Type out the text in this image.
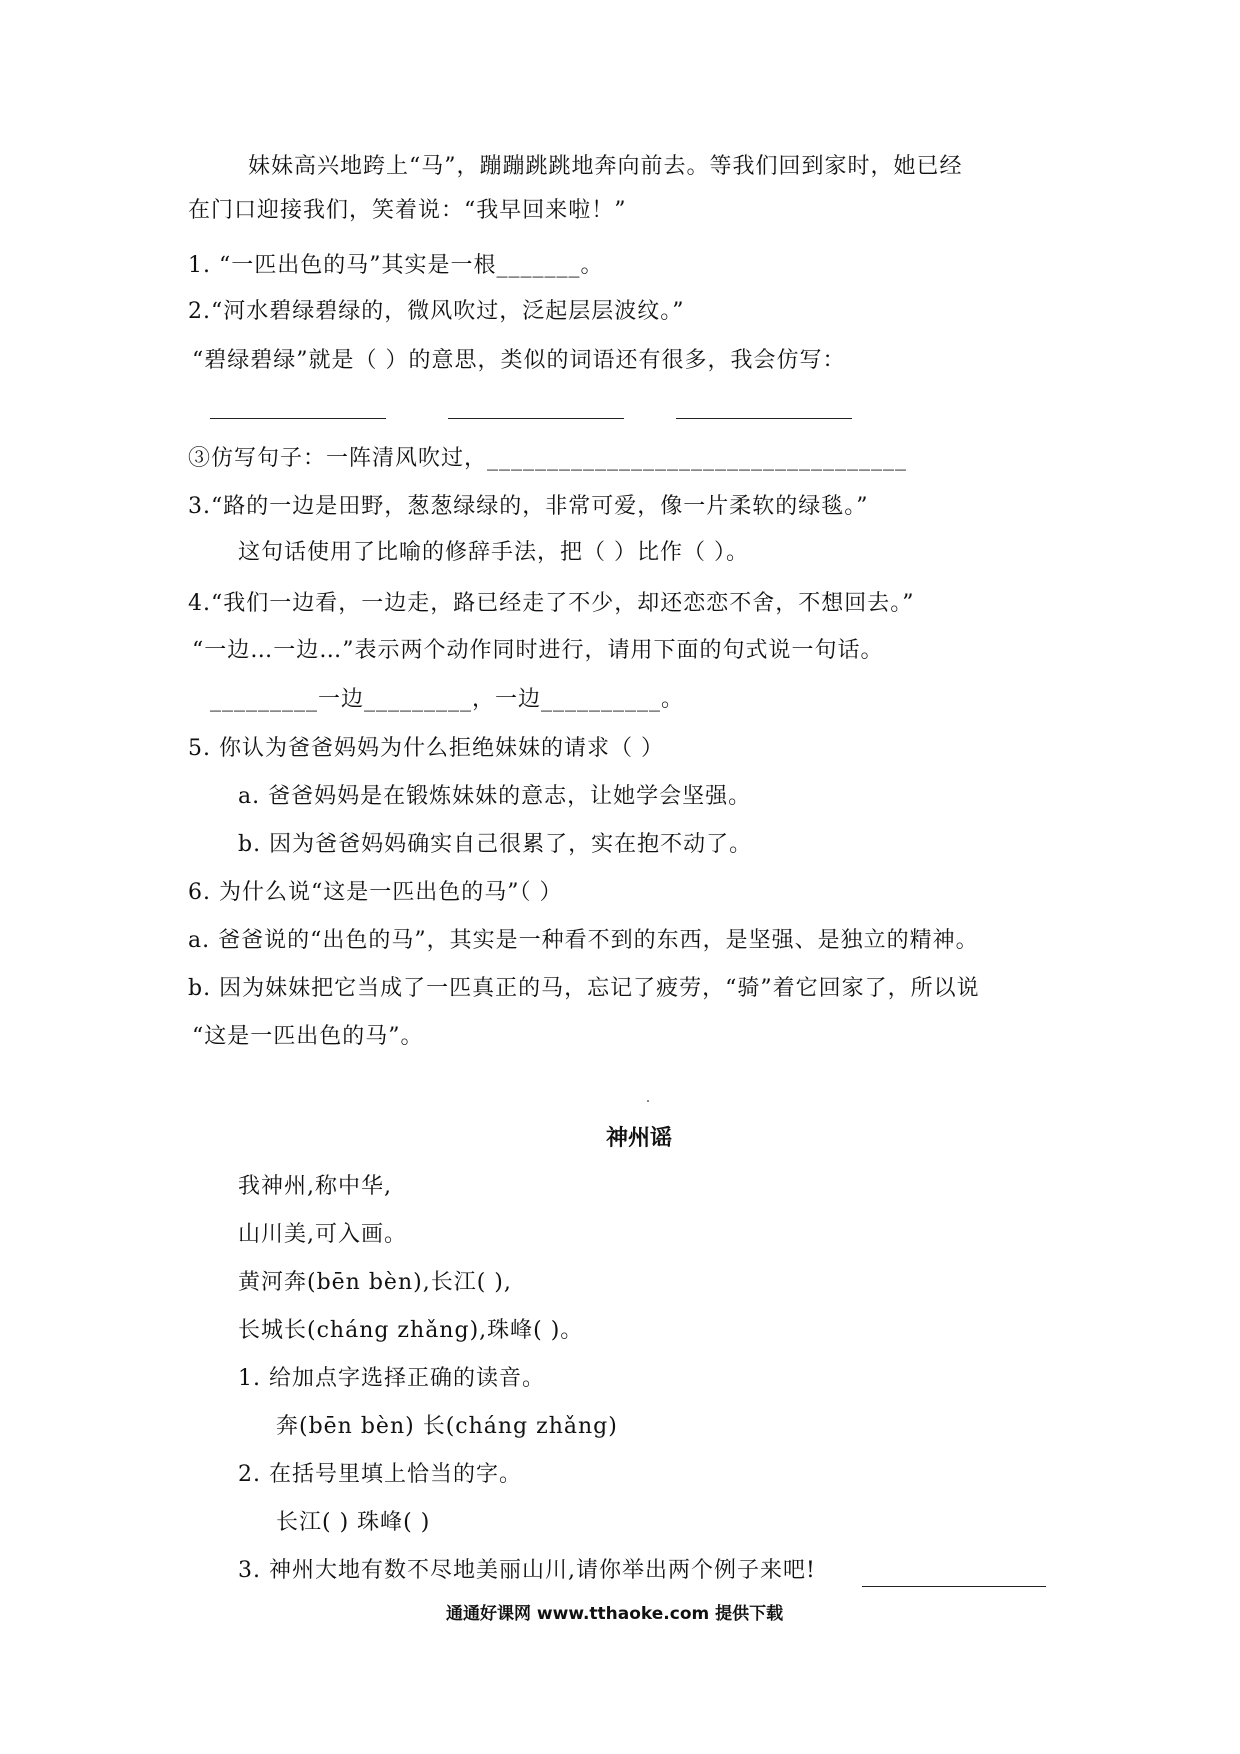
妹妹高兴地跨上“马”，蹦蹦跳跳地奔向前去。等我们回到家时，她已经
在门口迎接我们，笑着说：“我早回来啦！”
1. “一匹出色的马”其实是一根_______。
2.“河水碧绿碧绿的，微风吹过，泛起层层波纹。”
“碧绿碧绿”就是（ ）的意思，类似的词语还有很多，我会仿写：
③仿写句子：一阵清风吹过，___________________________________
3.“路的一边是田野，葱葱绿绿的，非常可爱，像一片柔软的绿毯。”
这句话使用了比喻的修辞手法，把（ ）比作（ ）。
4.“我们一边看，一边走，路已经走了不少，却还恋恋不舍，不想回去。”
“一边…一边…”表示两个动作同时进行，请用下面的句式说一句话。
_________一边_________，一边__________。
5. 你认为爸爸妈妈为什么拒绝妹妹的请求（ ）
a. 爸爸妈妈是在锻炼妹妹的意志，让她学会坚强。
b. 因为爸爸妈妈确实自己很累了，实在抱不动了。
6. 为什么说“这是一匹出色的马”（ ）
a. 爸爸说的“出色的马”，其实是一种看不到的东西，是坚强、是独立的精神。
b. 因为妹妹把它当成了一匹真正的马，忘记了疲劳，“骑”着它回家了，所以说
“这是一匹出色的马”。
神州谣
我神州,称中华,
山川美,可入画。
黄河奔(bēn bèn),长江( ),
长城长(cháng zhǎng),珠峰( )。
1. 给加点字选择正确的读音。
奔(bēn bèn) 长(cháng zhǎng)
2. 在括号里填上恰当的字。
长江( ) 珠峰( )
3. 神州大地有数不尽地美丽山川,请你举出两个例子来吧!
通通好课网 www.tthaoke.com 提供下载
